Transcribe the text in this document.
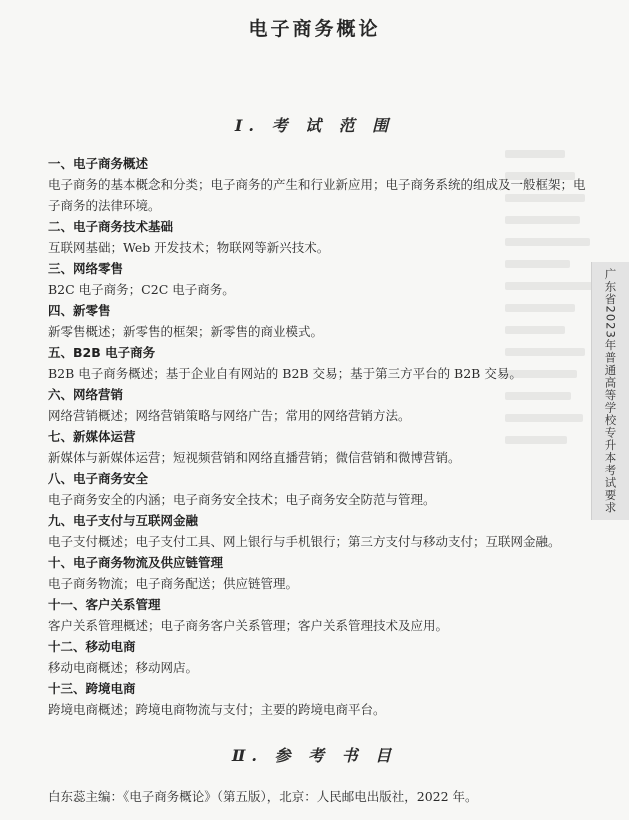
电子商务概论
Ⅰ. 考 试 范 围

一、电子商务概述

电子商务的基本概念和分类；电子商务的产生和行业新应用；电子商务系统的组成及一般框架；电子商务的法律环境。

二、电子商务技术基础

互联网基础；Web 开发技术；物联网等新兴技术。

三、网络零售

B2C 电子商务；C2C 电子商务。

四、新零售

新零售概述；新零售的框架；新零售的商业模式。

五、B2B 电子商务

B2B 电子商务概述；基于企业自有网站的 B2B 交易；基于第三方平台的 B2B 交易。

六、网络营销

网络营销概述；网络营销策略与网络广告；常用的网络营销方法。

七、新媒体运营

新媒体与新媒体运营；短视频营销和网络直播营销；微信营销和微博营销。

八、电子商务安全

电子商务安全的内涵；电子商务安全技术；电子商务安全防范与管理。

九、电子支付与互联网金融

电子支付概述；电子支付工具、网上银行与手机银行；第三方支付与移动支付；互联网金融。

十、电子商务物流及供应链管理

电子商务物流；电子商务配送；供应链管理。

十一、客户关系管理

客户关系管理概述；电子商务客户关系管理；客户关系管理技术及应用。

十二、移动电商

移动电商概述；移动网店。

十三、跨境电商

跨境电商概述；跨境电商物流与支付；主要的跨境电商平台。

Ⅱ. 参 考 书 目

白东蕊主编：《电子商务概论》（第五版），北京：人民邮电出版社，2022 年。

广东省2023年普通高等学校专升本考试要求
